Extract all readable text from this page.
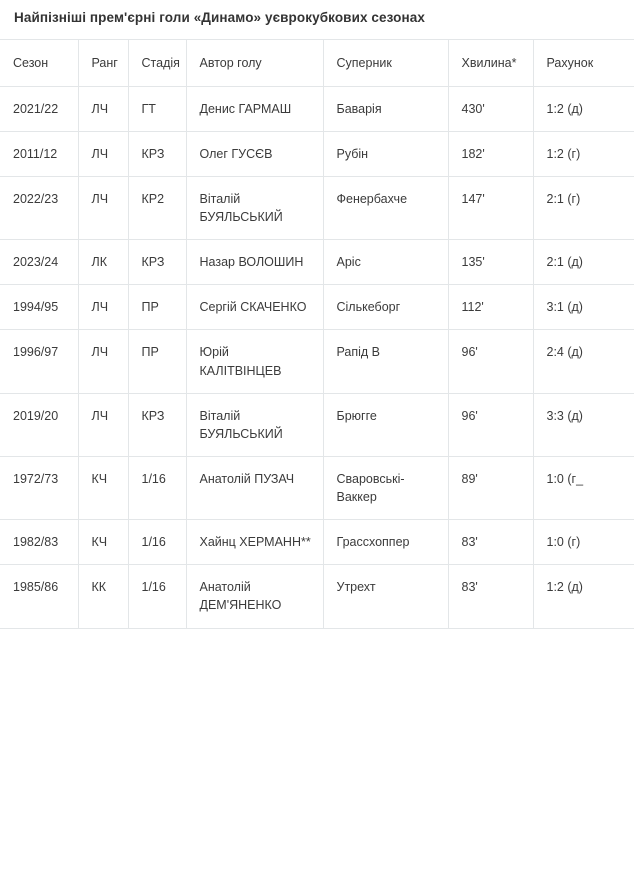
Найпізніші прем'єрні голи «Динамо» уєврокубкових сезонах
Сезон	Ранг	Стадія	Автор голу	Суперник	Хвилина*	Рахунок
2021/22	ЛЧ	ГТ	Денис ГАРМАШ	Баварія	430'	1:2 (д)
2011/12	ЛЧ	КРЗ	Олег ГУСЄВ	Рубін	182'	1:2 (г)
2022/23	ЛЧ	КР2	Віталій БУЯЛЬСЬКИЙ	Фенербахче	147'	2:1 (г)
2023/24	ЛК	КРЗ	Назар ВОЛОШИН	Аріс	135'	2:1 (д)
1994/95	ЛЧ	ПР	Сергій СКАЧЕНКО	Сількеборг	112'	3:1 (д)
1996/97	ЛЧ	ПР	Юрій КАЛІТВІНЦЕВ	Рапід В	96'	2:4 (д)
2019/20	ЛЧ	КРЗ	Віталій БУЯЛЬСЬКИЙ	Брюгге	96'	3:3 (д)
1972/73	КЧ	1/16	Анатолій ПУЗАЧ	Сваровські-Ваккер	89'	1:0 (г_
1982/83	КЧ	1/16	Хайнц ХЕРМАНН**	Грассхоппер	83'	1:0 (г)
1985/86	КК	1/16	Анатолій ДЕМ'ЯНЕНКО	Утрехт	83'	1:2 (д)
